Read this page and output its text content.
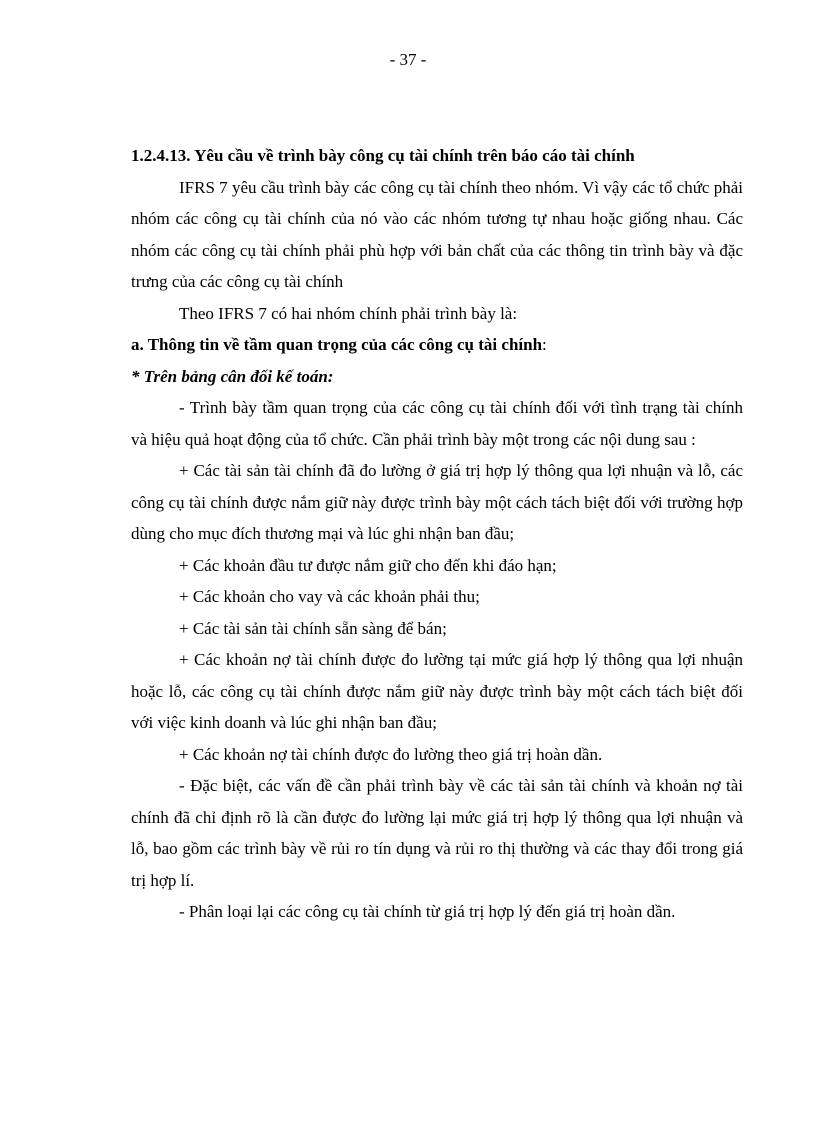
- 37 -

1.2.4.13. Yêu cầu về trình bày công cụ tài chính trên báo cáo tài chính

IFRS 7 yêu cầu trình bày các công cụ tài chính theo nhóm. Vì vậy các tổ chức phải nhóm các công cụ tài chính của nó vào các nhóm tương tự nhau hoặc giống nhau. Các nhóm các công cụ tài chính phải phù hợp với bản chất của các thông tin trình bày và đặc trưng của các công cụ tài chính

Theo IFRS 7 có hai nhóm chính phải trình bày là:

a. Thông tin về tầm quan trọng của các công cụ tài chính:

* Trên bảng cân đối kế toán:

- Trình bày tầm quan trọng của các công cụ tài chính đối với tình trạng tài chính và hiệu quả hoạt động của tổ chức. Cần phải trình bày một trong các nội dung sau :

+ Các tài sản tài chính đã đo lường ở giá trị hợp lý thông qua lợi nhuận và lỗ, các công cụ tài chính được nắm giữ này được trình bày một cách tách biệt đối với trường hợp dùng cho mục đích thương mại và lúc ghi nhận ban đầu;

+ Các khoản đầu tư được nắm giữ cho đến khi đáo hạn;

+ Các khoản cho vay và các khoản phải thu;

+ Các tài sản tài chính sẵn sàng để bán;

+ Các khoản nợ tài chính được đo lường tại mức giá hợp lý thông qua lợi nhuận hoặc lỗ, các công cụ tài chính được nắm giữ này được trình bày một cách tách biệt đối với việc kinh doanh và lúc ghi nhận ban đầu;

+ Các khoản nợ tài chính được đo lường theo giá trị hoàn dần.

- Đặc biệt, các vấn đề cần phải trình bày về các tài sản tài chính và khoản nợ tài chính đã chỉ định rõ là cần được đo lường lại mức giá trị hợp lý thông qua lợi nhuận và lỗ, bao gồm các trình bày về rủi ro tín dụng và rủi ro thị thường và các thay đổi trong giá trị hợp lí.

- Phân loại lại các công cụ tài chính từ giá trị hợp lý đến giá trị hoàn dần.
